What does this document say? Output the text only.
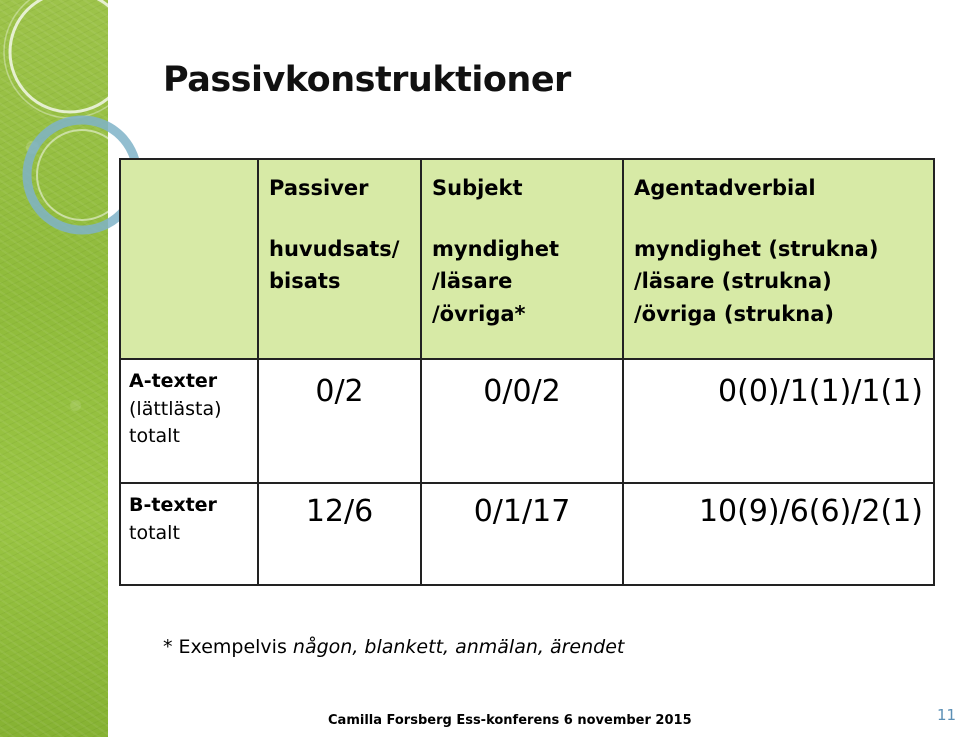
Passivkonstruktioner

	Passiver
huvudsats/
bisats	Subjekt
myndighet
/läsare
/övriga*	Agentadverbial
myndighet (strukna)
/läsare (strukna)
/övriga (strukna)

A-texter
(lättlästa)
totalt	0/2	0/0/2	0(0)/1(1)/1(1)

B-texter
totalt	12/6	0/1/17	10(9)/6(6)/2(1)
* Exempelvis någon, blankett, anmälan, ärendet
Camilla Forsberg Ess-konferens 6 november 2015	11
